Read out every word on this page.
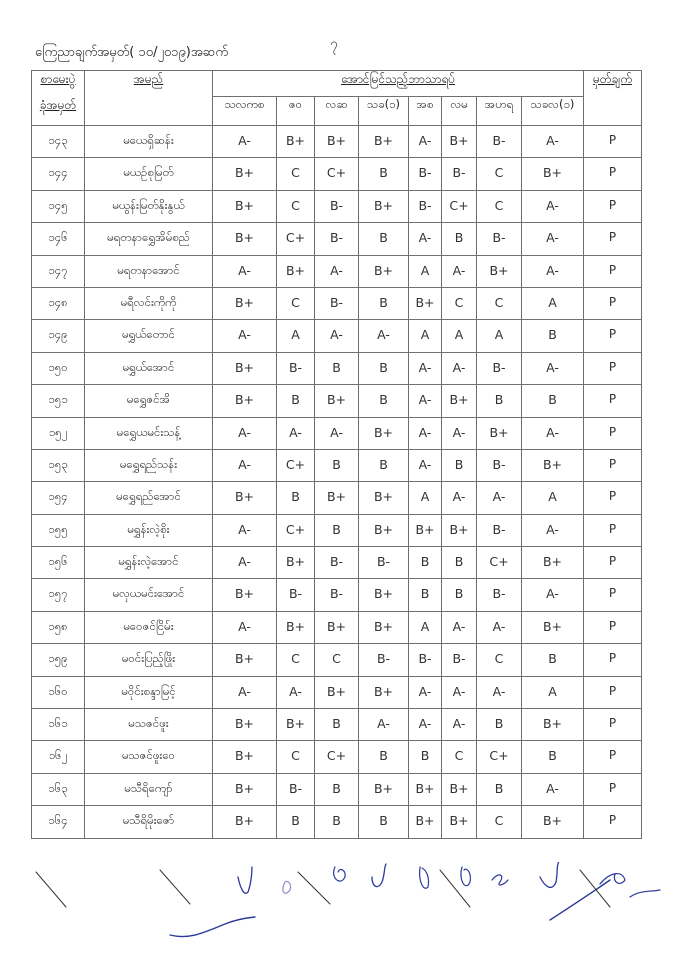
၇
ကြေညာချက်အမှတ်( ၁၀/၂၀၁၉)အဆက်
စာမေးပွဲ
ခုံအမှတ်	အမည်	အောင်မြင်သည့်ဘာသာရပ်								မှတ်ချက်
		သလကစ	ဇဝ	လဆ	သခ(၁)	အစ	လမ	အဟရ	သခလ(၁)	
၁၄၃	မယေရှိဆန်း	A-	B+	B+	B+	A-	B+	B-	A-	P
၁၄၄	မယဥ်စုမြတ်	B+	C	C+	B	B-	B-	C	B+	P
၁၄၅	မယွန်းမြတ်နိုးနွယ်	B+	C	B-	B+	B-	C+	C	A-	P
၁၄၆	မရတနာရွှေအိမ်စည်	B+	C+	B-	B	A-	B	B-	A-	P
၁၄၇	မရတနာအောင်	A-	B+	A-	B+	A	A-	B+	A-	P
၁၄၈	မရီလင်းကိုကို	B+	C	B-	B	B+	C	C	A	P
၁၄၉	မရွှယ်တောင်	A-	A	A-	A-	A	A	A	B	P
၁၅၀	မရွှယ်အောင်	B+	B-	B	B	A-	A-	B-	A-	P
၁၅၁	မရွှေဇင်အိ	B+	B	B+	B	A-	B+	B	B	P
၁၅၂	မရွှေယမင်းသန့်	A-	A-	A-	B+	A-	A-	B+	A-	P
၁၅၃	မရွှေရည်သန်း	A-	C+	B	B	A-	B	B-	B+	P
၁၅၄	မရွှေရည်အောင်	B+	B	B+	B+	A	A-	A-	A	P
၁၅၅	မရွှန်းလဲ့စိုး	A-	C+	B	B+	B+	B+	B-	A-	P
၁၅၆	မရွှန်းလဲ့အောင်	A-	B+	B-	B-	B	B	C+	B+	P
၁၅၇	မလှယမင်းအောင်	B+	B-	B-	B+	B	B	B-	A-	P
၁၅၈	မဝေဇင်ငြိမ်း	A-	B+	B+	B+	A	A-	A-	B+	P
၁၅၉	မဝင်းပြည့်ဖြိုး	B+	C	C	B-	B-	B-	C	B	P
၁၆၀	မဝိုင်းစန္ဒာမြင့်	A-	A-	B+	B+	A-	A-	A-	A	P
၁၆၁	မသဇင်ဖူး	B+	B+	B	A-	A-	A-	B	B+	P
၁၆၂	မသဇင်ဖူးဝေ	B+	C	C+	B	B	C	C+	B	P
၁၆၃	မသီရိကျော်	B+	B-	B	B+	B+	B+	B	A-	P
၁၆၄	မသီရိမိုးဇော်	B+	B	B	B	B+	B+	C	B+	P
